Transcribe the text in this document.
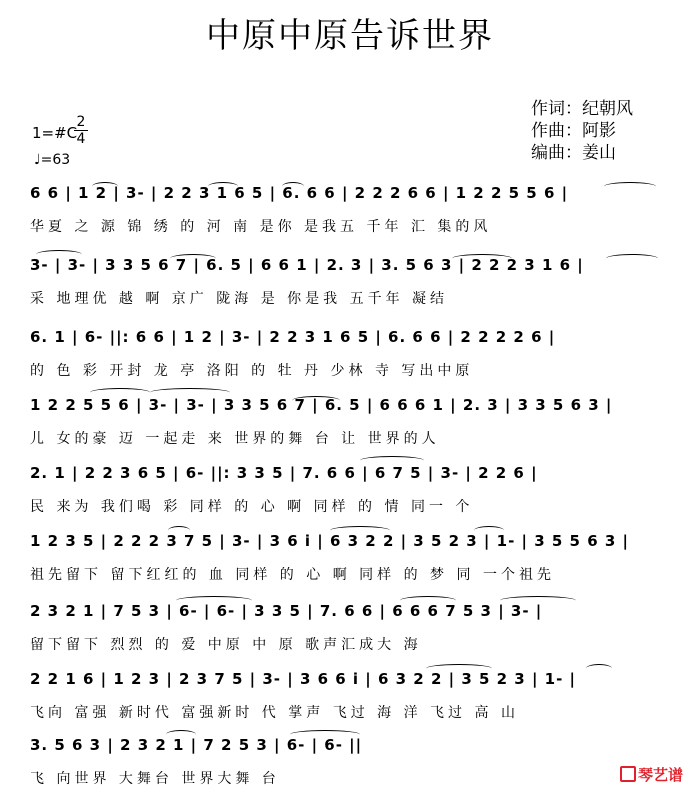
中原中原告诉世界
1=#C
2
4
♩=63
作词：纪朝风
作曲：阿影
编曲：姜山
6 6 | 1 2 | 3- | 2 2 3 1 6 5 | 6. 6 6 | 2 2 2 6 6 | 1 2 2 5 5 6 |
华夏 之 源 锦 绣 的 河 南 是你 是我五 千年 汇 集的风
3- | 3- | 3 3 5 6 7 | 6. 5 | 6 6 1 | 2. 3 | 3. 5 6 3 | 2 2 2 3 1 6 |
采 地理优 越 啊 京广 陇海 是 你是我 五千年 凝结
6. 1 | 6- ||: 6 6 | 1 2 | 3- | 2 2 3 1 6 5 | 6. 6 6 | 2 2 2 2 6 |
的 色 彩 开封 龙 亭 洛阳 的 牡 丹 少林 寺 写出中原
1 2 2 5 5 6 | 3- | 3- | 3 3 5 6 7 | 6. 5 | 6 6 6 1 | 2. 3 | 3 3 5 6 3 |
儿 女的豪 迈 一起走 来 世界的舞 台 让 世界的人
2. 1 | 2 2 3 6 5 | 6- ||: 3 3 5 | 7. 6 6 | 6 7 5 | 3- | 2 2 6 |
民 来为 我们喝 彩 同样 的 心 啊 同样 的 情 同一 个
1 2 3 5 | 2 2 2 3 7 5 | 3- | 3 6 i | 6 3 2 2 | 3 5 2 3 | 1- | 3 5 5 6 3 |
祖先留下 留下红红的 血 同样 的 心 啊 同样 的 梦 同 一个祖先
2 3 2 1 | 7 5 3 | 6- | 6- | 3 3 5 | 7. 6 6 | 6 6 6 7 5 3 | 3- |
留下留下 烈烈 的 爱 中原 中 原 歌声汇成大 海
2 2 1 6 | 1 2 3 | 2 3 7 5 | 3- | 3 6 6 i | 6 3 2 2 | 3 5 2 3 | 1- |
飞向 富强 新时代 富强新时 代 掌声 飞过 海 洋 飞过 高 山
3. 5 6 3 | 2 3 2 1 | 7 2 5 3 | 6- | 6- ||
飞 向世界 大舞台 世界大舞 台	琴艺谱
